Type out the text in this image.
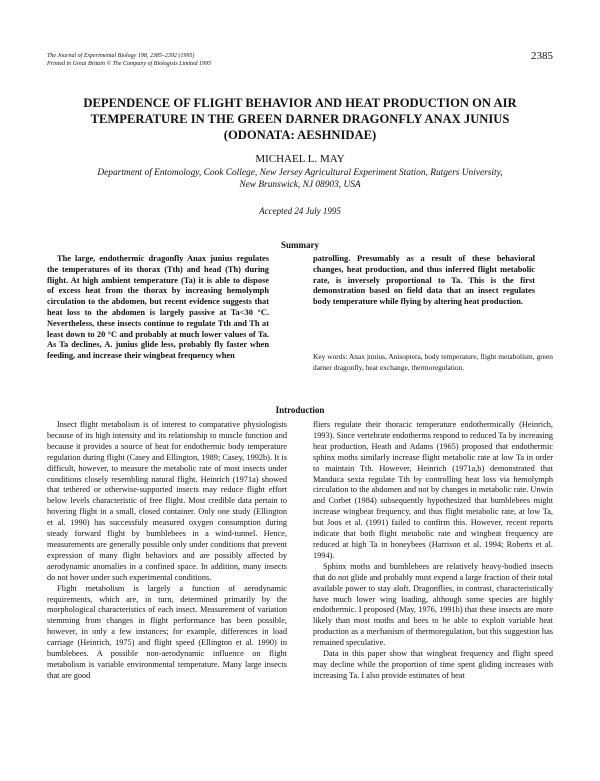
The Journal of Experimental Biology 198, 2385–2392 (1995)
Printed in Great Britain © The Company of Biologists Limited 1995
2385
DEPENDENCE OF FLIGHT BEHAVIOR AND HEAT PRODUCTION ON AIR
TEMPERATURE IN THE GREEN DARNER DRAGONFLY ANAX JUNIUS
(ODONATA: AESHNIDAE)
MICHAEL L. MAY
Department of Entomology, Cook College, New Jersey Agricultural Experiment Station, Rutgers University,
New Brunswick, NJ 08903, USA
Accepted 24 July 1995
Summary
The large, endothermic dragonfly Anax junius regulates the temperatures of its thorax (Tth) and head (Th) during flight. At high ambient temperature (Ta) it is able to dispose of excess heat from the thorax by increasing hemolymph circulation to the abdomen, but recent evidence suggests that heat loss to the abdomen is largely passive at Ta<30 °C. Nevertheless, these insects continue to regulate Tth and Th at least down to 20 °C and probably at much lower values of Ta. As Ta declines, A. junius glide less, probably fly faster when feeding, and increase their wingbeat frequency when
patrolling. Presumably as a result of these behavioral changes, heat production, and thus inferred flight metabolic rate, is inversely proportional to Ta. This is the first demonstration based on field data that an insect regulates body temperature while flying by altering heat production.
Key words: Anax junius, Anisoptera, body temperature, flight metabolism, green darner dragonfly, heat exchange, thermoregulation.
Introduction

Insect flight metabolism is of interest to comparative physiologists because of its high intensity and its relationship to muscle function and because it provides a source of heat for endothermic body temperature regulation during flight (Casey and Ellington, 1989; Casey, 1992b). It is difficult, however, to measure the metabolic rate of most insects under conditions closely resembling natural flight. Heinrich (1971a) showed that tethered or otherwise-supported insects may reduce flight effort below levels characteristic of free flight. Most credible data pertain to hovering flight in a small, closed container. Only one study (Ellington et al. 1990) has successfuly measured oxygen consumption during steady forward flight by bumblebees in a wind-tunnel. Hence, measurements are generally possible only under conditions that prevent expression of many flight behaviors and are possibly affected by aerodynamic anomalies in a confined space. In addition, many insects do not hover under such experimental conditions.

Flight metabolism is largely a function of aerodynamic requirements, which are, in turn, determined primarily by the morphological characteristics of each insect. Measurement of variation stemming from changes in flight performance has been possible, however, in only a few instances; for example, differences in load carriage (Heinrich, 1975) and flight speed (Ellington et al. 1990) in bumblebees. A possible non-aerodynamic influence on flight metabolism is variable environmental temperature. Many large insects that are good

fliers regulate their thoracic temperature endothermically (Heinrich, 1993). Since vertebrate endotherms respond to reduced Ta by increasing heat production, Heath and Adams (1965) proposed that endothermic sphinx moths similarly increase flight metabolic rate at low Ta in order to maintain Tth. However, Heinrich (1971a,b) demonstrated that Manduca sexta regulate Tth by controlling heat loss via hemolymph circulation to the abdomen and not by changes in metabolic rate. Unwin and Corbet (1984) subsequently hypothesized that bumblebees might increase wingbeat frequency, and thus flight metabolic rate, at low Ta, but Joos et al. (1991) failed to confirm this. However, recent reports indicate that both flight metabolic rate and wingbeat frequency are reduced at high Ta in honeybees (Harrison et al. 1994; Roberts et al. 1994).

Sphinx moths and bumblebees are relatively heavy-bodied insects that do not glide and probably must expend a large fraction of their total available power to stay aloft. Dragonflies, in contrast, characteristically have much lower wing loading, although some species are highly endothermic. I proposed (May, 1976, 1991b) that these insects are more likely than most moths and bees to be able to exploit variable heat production as a mechanism of thermoregulation, but this suggestion has remained speculative.

Data in this paper show that wingbeat frequency and flight speed may decline while the proportion of time spent gliding increases with increasing Ta. I also provide estimates of heat
